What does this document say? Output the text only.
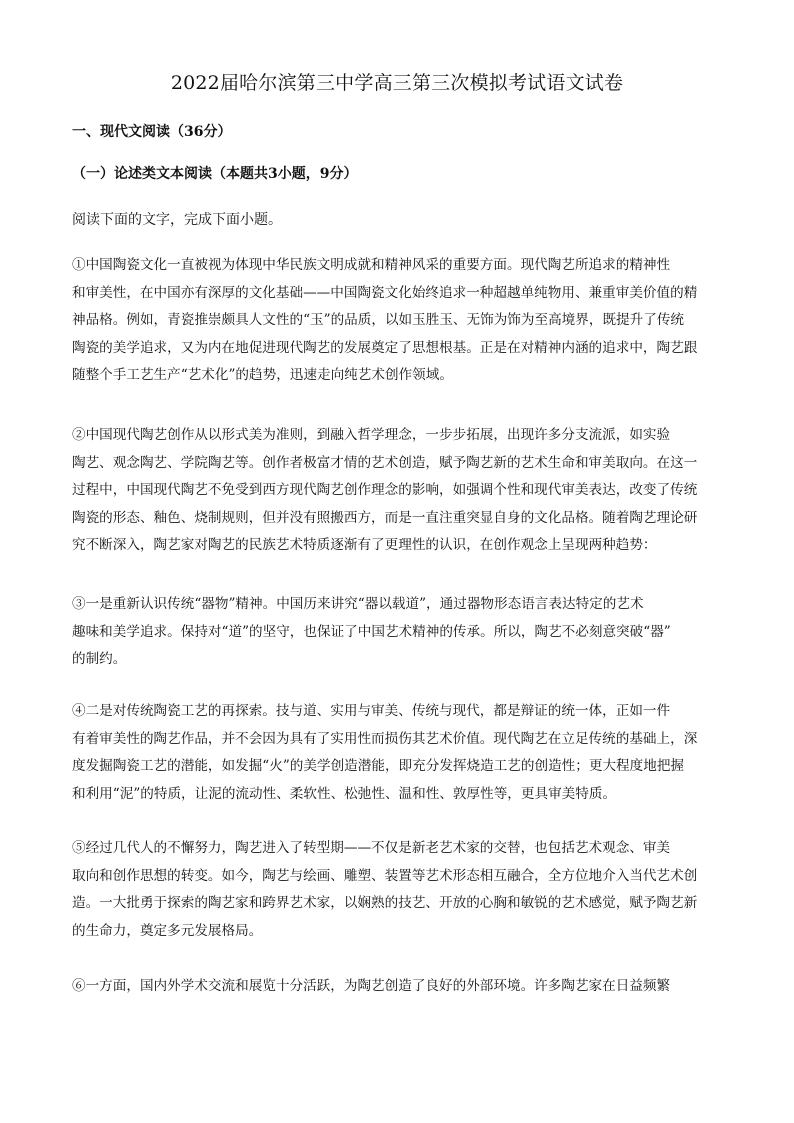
2022届哈尔滨第三中学高三第三次模拟考试语文试卷
一、现代文阅读（36分）
（一）论述类文本阅读（本题共3小题，9分）
阅读下面的文字，完成下面小题。
①中国陶瓷文化一直被视为体现中华民族文明成就和精神风采的重要方面。现代陶艺所追求的精神性
和审美性，在中国亦有深厚的文化基础——中国陶瓷文化始终追求一种超越单纯物用、兼重审美价值的精
神品格。例如，青瓷推崇颇具人文性的“玉”的品质，以如玉胜玉、无饰为饰为至高境界，既提升了传统
陶瓷的美学追求，又为内在地促进现代陶艺的发展奠定了思想根基。正是在对精神内涵的追求中，陶艺跟
随整个手工艺生产“艺术化”的趋势，迅速走向纯艺术创作领域。
②中国现代陶艺创作从以形式美为准则，到融入哲学理念，一步步拓展，出现许多分支流派，如实验
陶艺、观念陶艺、学院陶艺等。创作者极富才情的艺术创造，赋予陶艺新的艺术生命和审美取向。在这一
过程中，中国现代陶艺不免受到西方现代陶艺创作理念的影响，如强调个性和现代审美表达，改变了传统
陶瓷的形态、釉色、烧制规则，但并没有照搬西方，而是一直注重突显自身的文化品格。随着陶艺理论研
究不断深入，陶艺家对陶艺的民族艺术特质逐渐有了更理性的认识，在创作观念上呈现两种趋势：
③一是重新认识传统“器物”精神。中国历来讲究“器以载道”，通过器物形态语言表达特定的艺术
趣味和美学追求。保持对“道”的坚守，也保证了中国艺术精神的传承。所以，陶艺不必刻意突破“器”
的制约。
④二是对传统陶瓷工艺的再探索。技与道、实用与审美、传统与现代，都是辩证的统一体，正如一件
有着审美性的陶艺作品，并不会因为具有了实用性而损伤其艺术价值。现代陶艺在立足传统的基础上，深
度发掘陶瓷工艺的潜能，如发掘“火”的美学创造潜能，即充分发挥烧造工艺的创造性；更大程度地把握
和利用“泥”的特质，让泥的流动性、柔软性、松弛性、温和性、敦厚性等，更具审美特质。
⑤经过几代人的不懈努力，陶艺进入了转型期——不仅是新老艺术家的交替，也包括艺术观念、审美
取向和创作思想的转变。如今，陶艺与绘画、雕塑、装置等艺术形态相互融合，全方位地介入当代艺术创
造。一大批勇于探索的陶艺家和跨界艺术家，以娴熟的技艺、开放的心胸和敏锐的艺术感觉，赋予陶艺新
的生命力，奠定多元发展格局。
⑥一方面，国内外学术交流和展览十分活跃，为陶艺创造了良好的外部环境。许多陶艺家在日益频繁
